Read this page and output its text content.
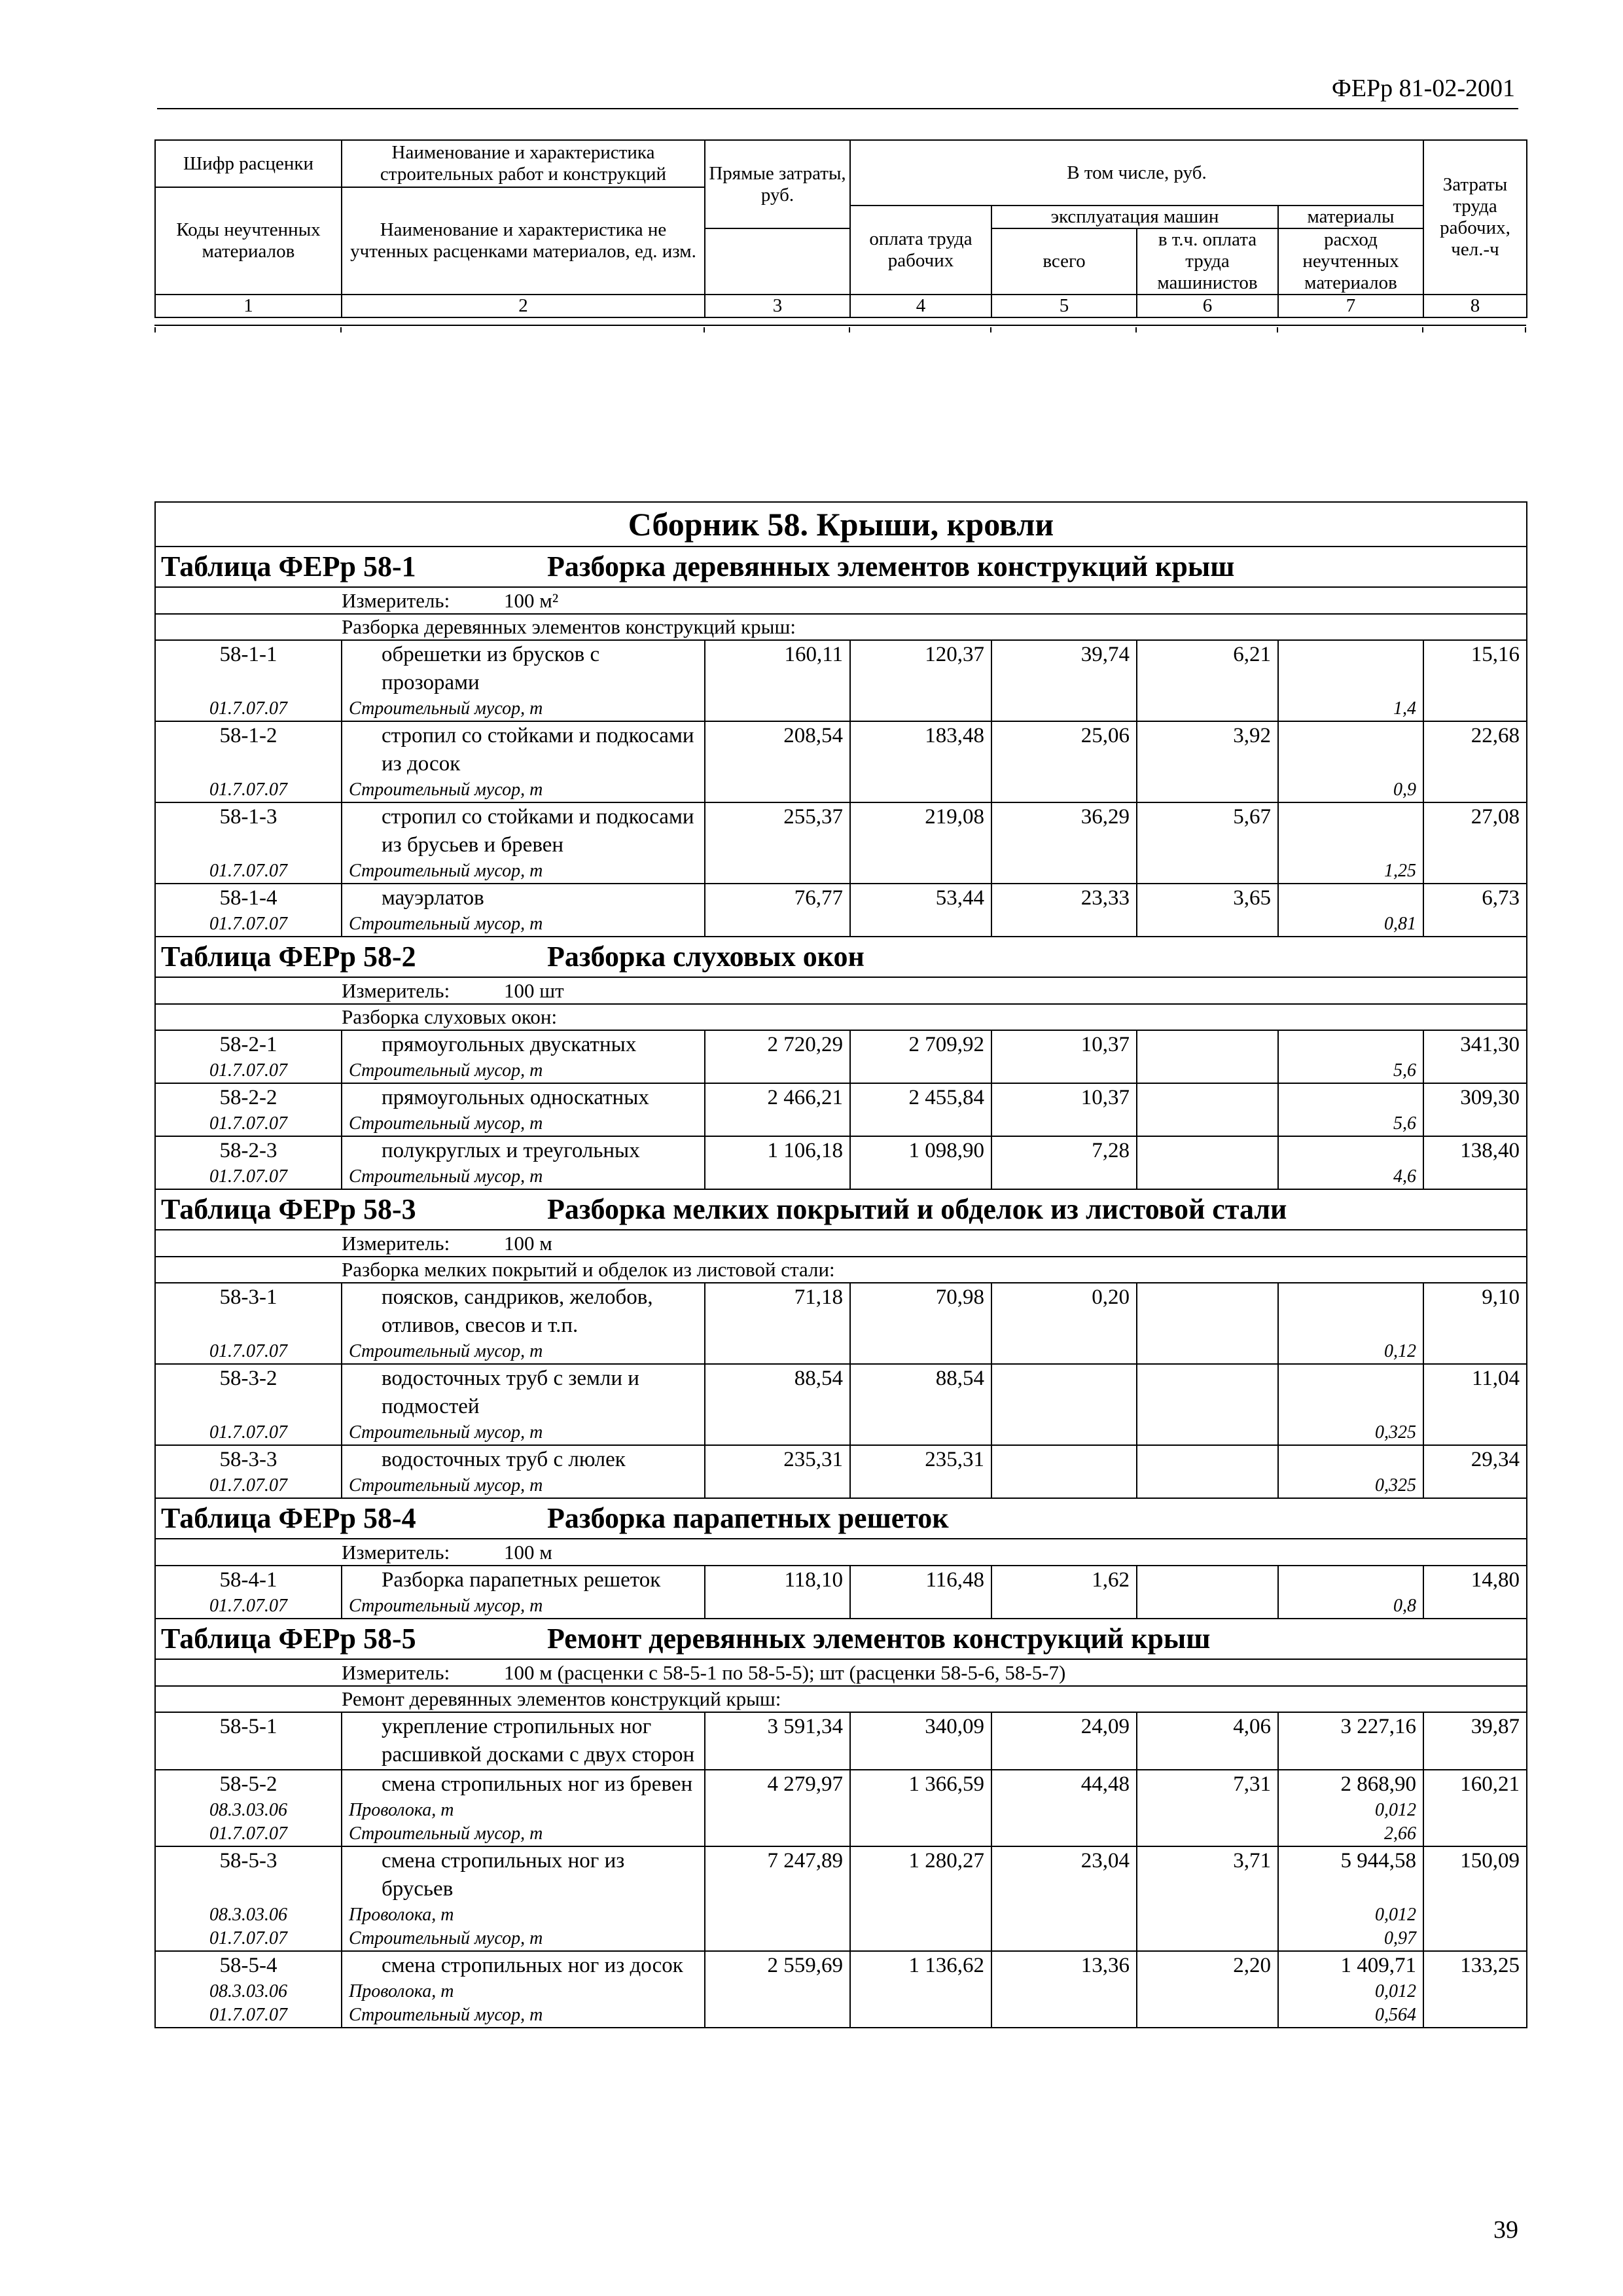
ФЕРр 81-02-2001
Шифр расценки	Наименование и характеристика строительных работ и конструкций	Прямые затраты, руб.	В том числе, руб.				Затраты труда рабочих, чел.-ч
Коды неучтенных материалов	Наименование и характеристика не учтенных расценками материалов, ед. изм.						
			оплата труда рабочих	эксплуатация машин		материалы	
				всего	в т.ч. оплата труда машинистов	расход неучтенных материалов	
1	2	3	4	5	6	7	8
Сборник 58. Крыши, кровли							
Таблица ФЕРр 58-1 Разборка деревянных элементов конструкций крыш							
Измеритель: 100 м²							
Разборка деревянных элементов конструкций крыш:							
58-1-1	обрешетки из брусков с прозорами	160,11	120,37	39,74	6,21		15,16
01.7.07.07	Строительный мусор, т					1,4	
58-1-2	стропил со стойками и подкосами из досок	208,54	183,48	25,06	3,92		22,68
01.7.07.07	Строительный мусор, т					0,9	
58-1-3	стропил со стойками и подкосами из брусьев и бревен	255,37	219,08	36,29	5,67		27,08
01.7.07.07	Строительный мусор, т					1,25	
58-1-4	мауэрлатов	76,77	53,44	23,33	3,65		6,73
01.7.07.07	Строительный мусор, т					0,81	
Таблица ФЕРр 58-2 Разборка слуховых окон							
Измеритель: 100 шт							
Разборка слуховых окон:							
58-2-1	прямоугольных двускатных	2 720,29	2 709,92	10,37			341,30
01.7.07.07	Строительный мусор, т					5,6	
58-2-2	прямоугольных односкатных	2 466,21	2 455,84	10,37			309,30
01.7.07.07	Строительный мусор, т					5,6	
58-2-3	полукруглых и треугольных	1 106,18	1 098,90	7,28			138,40
01.7.07.07	Строительный мусор, т					4,6	
Таблица ФЕРр 58-3 Разборка мелких покрытий и обделок из листовой стали							
Измеритель: 100 м							
Разборка мелких покрытий и обделок из листовой стали:							
58-3-1	поясков, сандриков, желобов, отливов, свесов и т.п.	71,18	70,98	0,20			9,10
01.7.07.07	Строительный мусор, т					0,12	
58-3-2	водосточных труб с земли и подмостей	88,54	88,54				11,04
01.7.07.07	Строительный мусор, т					0,325	
58-3-3	водосточных труб с люлек	235,31	235,31				29,34
01.7.07.07	Строительный мусор, т					0,325	
Таблица ФЕРр 58-4 Разборка парапетных решеток							
Измеритель: 100 м							
58-4-1	Разборка парапетных решеток	118,10	116,48	1,62			14,80
01.7.07.07	Строительный мусор, т					0,8	
Таблица ФЕРр 58-5 Ремонт деревянных элементов конструкций крыш							
Измеритель: 100 м (расценки с 58-5-1 по 58-5-5); шт (расценки 58-5-6, 58-5-7)							
Ремонт деревянных элементов конструкций крыш:							
58-5-1	укрепление стропильных ног расшивкой досками с двух сторон	3 591,34	340,09	24,09	4,06	3 227,16	39,87
58-5-2	смена стропильных ног из бревен	4 279,97	1 366,59	44,48	7,31	2 868,90	160,21
08.3.03.06	Проволока, т					0,012	
01.7.07.07	Строительный мусор, т					2,66	
58-5-3	смена стропильных ног из брусьев	7 247,89	1 280,27	23,04	3,71	5 944,58	150,09
08.3.03.06	Проволока, т					0,012	
01.7.07.07	Строительный мусор, т					0,97	
58-5-4	смена стропильных ног из досок	2 559,69	1 136,62	13,36	2,20	1 409,71	133,25
08.3.03.06	Проволока, т					0,012	
01.7.07.07	Строительный мусор, т					0,564	
39
